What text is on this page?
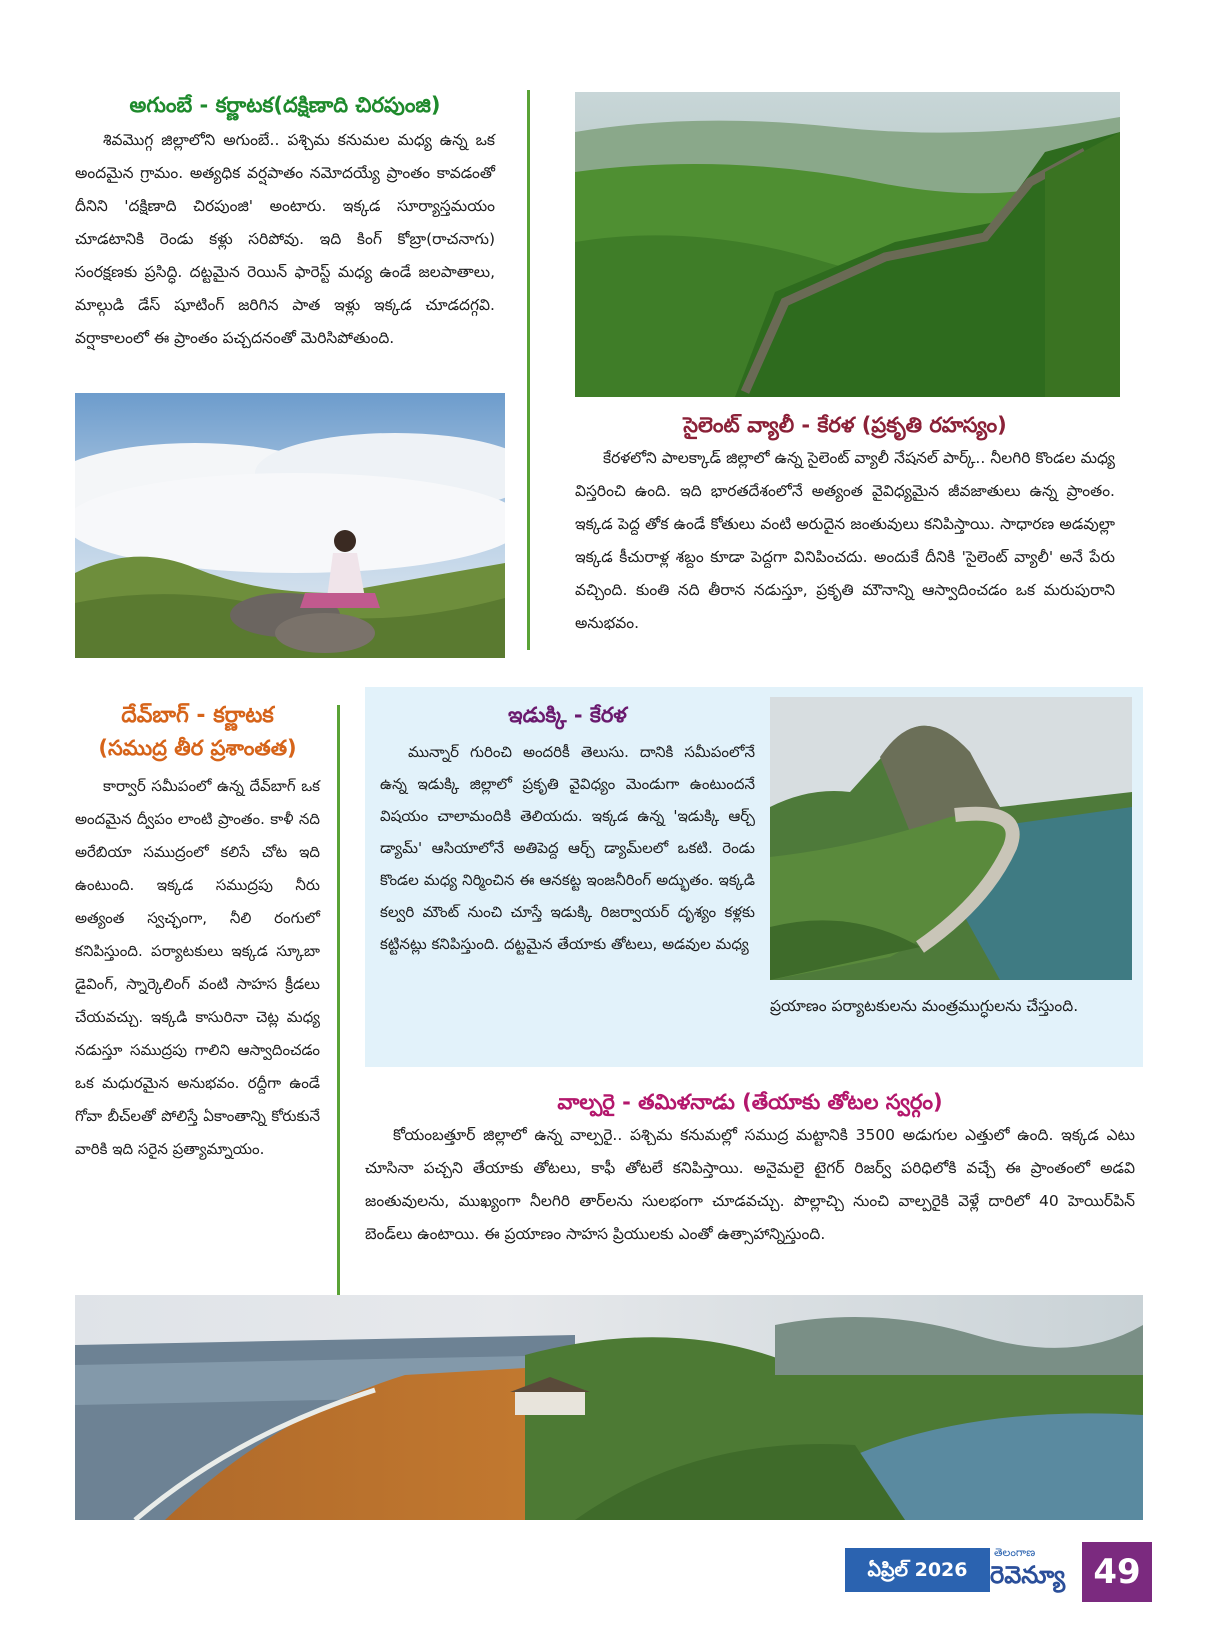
అగుంబే - కర్ణాటక(దక్షిణాది చిరపుంజి)

శివమొగ్గ జిల్లాలోని అగుంబే.. పశ్చిమ కనుమల మధ్య ఉన్న ఒక అందమైన గ్రామం. అత్యధిక వర్షపాతం నమోదయ్యే ప్రాంతం కావడంతో దీనిని 'దక్షిణాది చిరపుంజి' అంటారు. ఇక్కడ సూర్యాస్తమయం చూడటానికి రెండు కళ్లు సరిపోవు. ఇది కింగ్ కోబ్రా(రాచనాగు) సంరక్షణకు ప్రసిద్ధి. దట్టమైన రెయిన్ ఫారెస్ట్ మధ్య ఉండే జలపాతాలు, మాల్గుడి డేస్ షూటింగ్ జరిగిన పాత ఇళ్లు ఇక్కడ చూడదగ్గవి. వర్షాకాలంలో ఈ ప్రాంతం పచ్చదనంతో మెరిసిపోతుంది.

సైలెంట్ వ్యాలీ - కేరళ (ప్రకృతి రహస్యం)

కేరళలోని పాలక్కాడ్ జిల్లాలో ఉన్న సైలెంట్ వ్యాలీ నేషనల్ పార్క్.. నీలగిరి కొండల మధ్య విస్తరించి ఉంది. ఇది భారతదేశంలోనే అత్యంత వైవిధ్యమైన జీవజాతులు ఉన్న ప్రాంతం. ఇక్కడ పెద్ద తోక ఉండే కోతులు వంటి అరుదైన జంతువులు కనిపిస్తాయి. సాధారణ అడవుల్లా ఇక్కడ కీచురాళ్ల శబ్దం కూడా పెద్దగా వినిపించదు. అందుకే దీనికి 'సైలెంట్ వ్యాలీ' అనే పేరు వచ్చింది. కుంతి నది తీరాన నడుస్తూ, ప్రకృతి మౌనాన్ని ఆస్వాదించడం ఒక మరుపురాని అనుభవం.

దేవ్‌బాగ్ - కర్ణాటక
(సముద్ర తీర ప్రశాంతత)

కార్వార్ సమీపంలో ఉన్న దేవ్‌బాగ్ ఒక అందమైన ద్వీపం లాంటి ప్రాంతం. కాళీ నది అరేబియా సముద్రంలో కలిసే చోట ఇది ఉంటుంది. ఇక్కడ సముద్రపు నీరు అత్యంత స్వచ్ఛంగా, నీలి రంగులో కనిపిస్తుంది. పర్యాటకులు ఇక్కడ స్కూబా డైవింగ్, స్నార్కెలింగ్ వంటి సాహస క్రీడలు చేయవచ్చు. ఇక్కడి కాసురినా చెట్ల మధ్య నడుస్తూ సముద్రపు గాలిని ఆస్వాదించడం ఒక మధురమైన అనుభవం. రద్దీగా ఉండే గోవా బీచ్‌లతో పోలిస్తే ఏకాంతాన్ని కోరుకునే వారికి ఇది సరైన ప్రత్యామ్నాయం.

ఇడుక్కి - కేరళ

మున్నార్ గురించి అందరికీ తెలుసు. దానికి సమీపంలోనే ఉన్న ఇడుక్కి జిల్లాలో ప్రకృతి వైవిధ్యం మెండుగా ఉంటుందనే విషయం చాలామందికి తెలియదు. ఇక్కడ ఉన్న 'ఇడుక్కి ఆర్చ్ డ్యామ్' ఆసియాలోనే అతిపెద్ద ఆర్చ్ డ్యామ్‌లలో ఒకటి. రెండు కొండల మధ్య నిర్మించిన ఈ ఆనకట్ట ఇంజనీరింగ్ అద్భుతం. ఇక్కడి కల్వరి మౌంట్ నుంచి చూస్తే ఇడుక్కి రిజర్వాయర్ దృశ్యం కళ్లకు కట్టినట్లు కనిపిస్తుంది. దట్టమైన తేయాకు తోటలు, అడవుల మధ్య

ప్రయాణం పర్యాటకులను మంత్రముగ్ధులను చేస్తుంది.
వాల్పరై - తమిళనాడు (తేయాకు తోటల స్వర్గం)

కోయంబత్తూర్ జిల్లాలో ఉన్న వాల్పరై.. పశ్చిమ కనుమల్లో సముద్ర మట్టానికి 3500 అడుగుల ఎత్తులో ఉంది. ఇక్కడ ఎటు చూసినా పచ్చని తేయాకు తోటలు, కాఫీ తోటలే కనిపిస్తాయి. అనైమలై టైగర్ రిజర్వ్ పరిధిలోకి వచ్చే ఈ ప్రాంతంలో అడవి జంతువులను, ముఖ్యంగా నీలగిరి తార్‌లను సులభంగా చూడవచ్చు. పొల్లాచ్చి నుంచి వాల్పరైకి వెళ్లే దారిలో 40 హెయిర్‌పిన్ బెండ్‌లు ఉంటాయి. ఈ ప్రయాణం సాహస ప్రియులకు ఎంతో ఉత్సాహాన్నిస్తుంది.

ఏప్రిల్ 2026
తెలంగాణ
రెవెన్యూ 49
